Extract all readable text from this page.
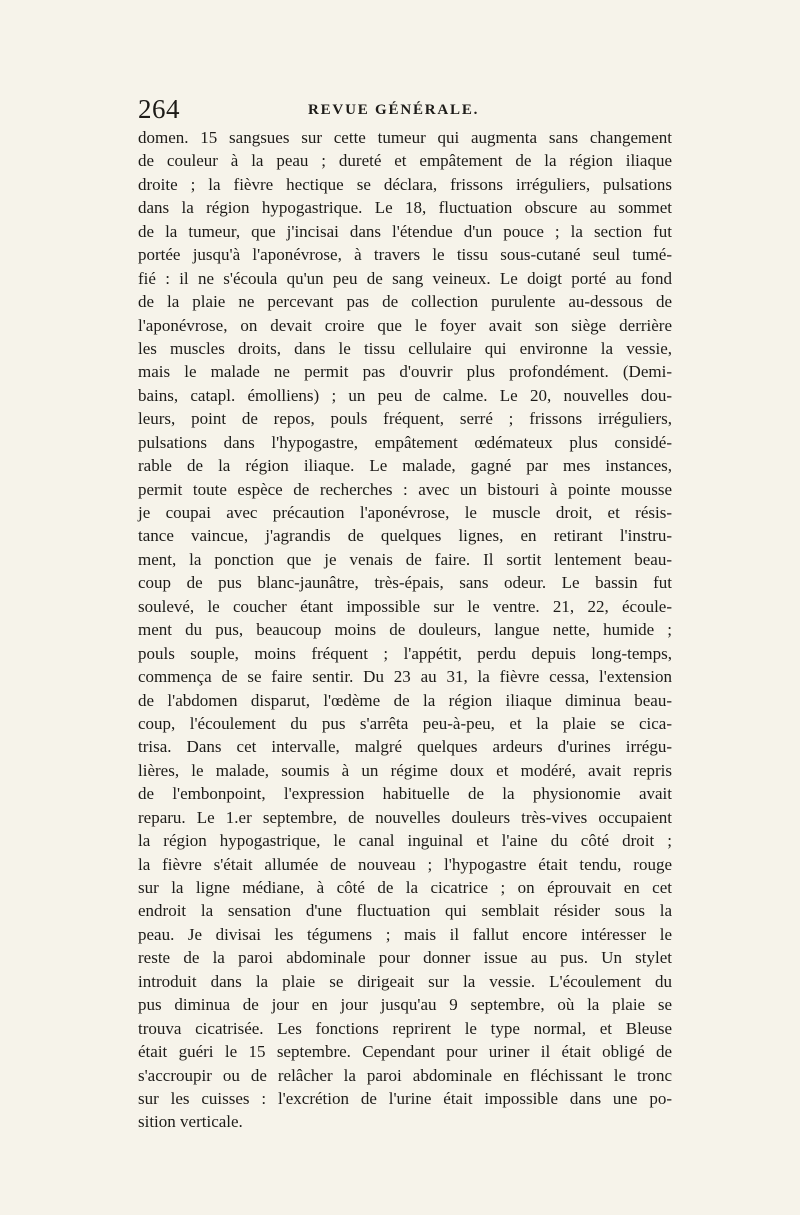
264	REVUE GÉNÉRALE.
domen. 15 sangsues sur cette tumeur qui augmenta sans changement
de couleur à la peau ; dureté et empâtement de la région iliaque
droite ; la fièvre hectique se déclara, frissons irréguliers, pulsations
dans la région hypogastrique. Le 18, fluctuation obscure au sommet
de la tumeur, que j'incisai dans l'étendue d'un pouce ; la section fut
portée jusqu'à l'aponévrose, à travers le tissu sous-cutané seul tumé-
fié : il ne s'écoula qu'un peu de sang veineux. Le doigt porté au fond
de la plaie ne percevant pas de collection purulente au-dessous de
l'aponévrose, on devait croire que le foyer avait son siège derrière
les muscles droits, dans le tissu cellulaire qui environne la vessie,
mais le malade ne permit pas d'ouvrir plus profondément. (Demi-
bains, catapl. émolliens) ; un peu de calme. Le 20, nouvelles dou-
leurs, point de repos, pouls fréquent, serré ; frissons irréguliers,
pulsations dans l'hypogastre, empâtement œdémateux plus considé-
rable de la région iliaque. Le malade, gagné par mes instances,
permit toute espèce de recherches : avec un bistouri à pointe mousse
je coupai avec précaution l'aponévrose, le muscle droit, et résis-
tance vaincue, j'agrandis de quelques lignes, en retirant l'instru-
ment, la ponction que je venais de faire. Il sortit lentement beau-
coup de pus blanc-jaunâtre, très-épais, sans odeur. Le bassin fut
soulevé, le coucher étant impossible sur le ventre. 21, 22, écoule-
ment du pus, beaucoup moins de douleurs, langue nette, humide ;
pouls souple, moins fréquent ; l'appétit, perdu depuis long-temps,
commença de se faire sentir. Du 23 au 31, la fièvre cessa, l'extension
de l'abdomen disparut, l'œdème de la région iliaque diminua beau-
coup, l'écoulement du pus s'arrêta peu-à-peu, et la plaie se cica-
trisa. Dans cet intervalle, malgré quelques ardeurs d'urines irrégu-
lières, le malade, soumis à un régime doux et modéré, avait repris
de l'embonpoint, l'expression habituelle de la physionomie avait
reparu. Le 1.er septembre, de nouvelles douleurs très-vives occupaient
la région hypogastrique, le canal inguinal et l'aine du côté droit ;
la fièvre s'était allumée de nouveau ; l'hypogastre était tendu, rouge
sur la ligne médiane, à côté de la cicatrice ; on éprouvait en cet
endroit la sensation d'une fluctuation qui semblait résider sous la
peau. Je divisai les tégumens ; mais il fallut encore intéresser le
reste de la paroi abdominale pour donner issue au pus. Un stylet
introduit dans la plaie se dirigeait sur la vessie. L'écoulement du
pus diminua de jour en jour jusqu'au 9 septembre, où la plaie se
trouva cicatrisée. Les fonctions reprirent le type normal, et Bleuse
était guéri le 15 septembre. Cependant pour uriner il était obligé de
s'accroupir ou de relâcher la paroi abdominale en fléchissant le tronc
sur les cuisses : l'excrétion de l'urine était impossible dans une po-
sition verticale.
